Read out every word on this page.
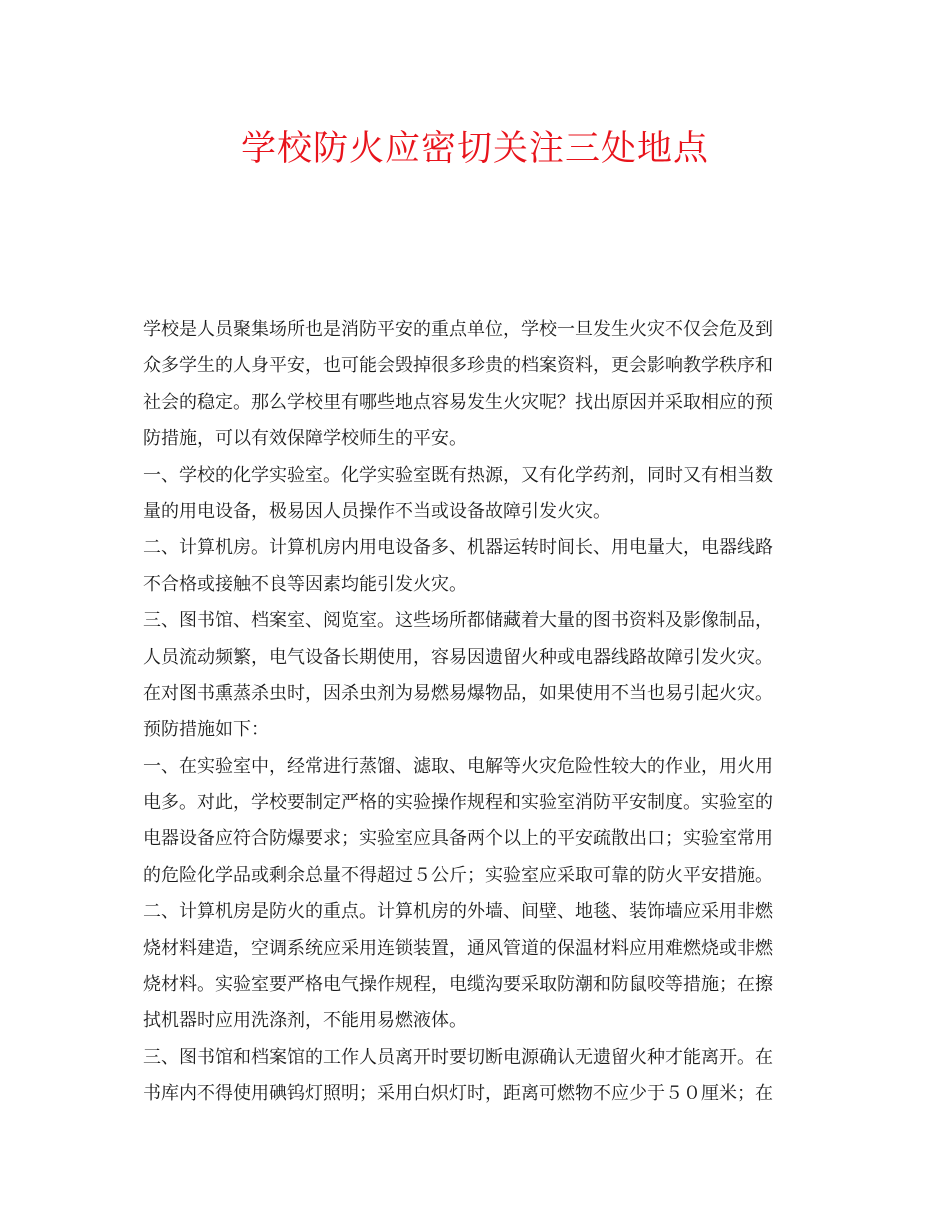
学校防火应密切关注三处地点
学校是人员聚集场所也是消防平安的重点单位，学校一旦发生火灾不仅会危及到
众多学生的人身平安，也可能会毁掉很多珍贵的档案资料，更会影响教学秩序和
社会的稳定。那么学校里有哪些地点容易发生火灾呢？找出原因并采取相应的预
防措施，可以有效保障学校师生的平安。
一、学校的化学实验室。化学实验室既有热源，又有化学药剂，同时又有相当数
量的用电设备，极易因人员操作不当或设备故障引发火灾。
二、计算机房。计算机房内用电设备多、机器运转时间长、用电量大，电器线路
不合格或接触不良等因素均能引发火灾。
三、图书馆、档案室、阅览室。这些场所都储藏着大量的图书资料及影像制品，
人员流动频繁，电气设备长期使用，容易因遗留火种或电器线路故障引发火灾。
在对图书熏蒸杀虫时，因杀虫剂为易燃易爆物品，如果使用不当也易引起火灾。
预防措施如下：
一、在实验室中，经常进行蒸馏、滤取、电解等火灾危险性较大的作业，用火用
电多。对此，学校要制定严格的实验操作规程和实验室消防平安制度。实验室的
电器设备应符合防爆要求；实验室应具备两个以上的平安疏散出口；实验室常用
的危险化学品或剩余总量不得超过５公斤；实验室应采取可靠的防火平安措施。
二、计算机房是防火的重点。计算机房的外墙、间壁、地毯、装饰墙应采用非燃
烧材料建造，空调系统应采用连锁装置，通风管道的保温材料应用难燃烧或非燃
烧材料。实验室要严格电气操作规程，电缆沟要采取防潮和防鼠咬等措施；在擦
拭机器时应用洗涤剂，不能用易燃液体。
三、图书馆和档案馆的工作人员离开时要切断电源确认无遗留火种才能离开。在
书库内不得使用碘钨灯照明；采用白炽灯时，距离可燃物不应少于５０厘米；在
